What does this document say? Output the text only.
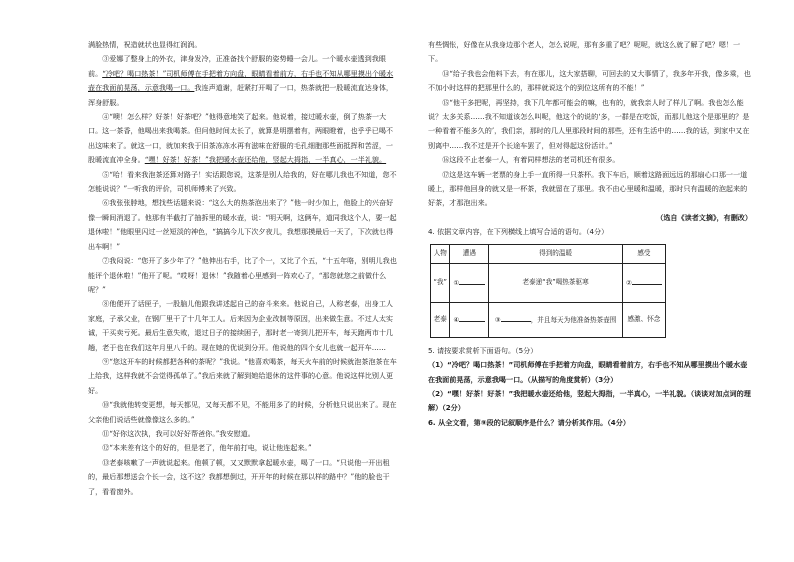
满脸热情，祝造就状也显得红润润。

③爱娜了整身上的外衣，津身发冷，正准备找个舒服的姿势睡一会儿。一个暖水壶透到我眼前。“冷吧？喝口热茶！”司机师傅在手把着方向盘，眼睛看着前方，右手也不知从哪里摸出个暖水壶在我面前晃荡，示意我喝一口。我连声道谢，赶紧打开喝了一口，热茶就把一股暖流直达身体，浑身舒服。

④“噢！怎么样？好茶！好茶吧？”他得意地笑了起来。他说着，接过暖水壶，倒了热茶一大口。这一茶香，他喝出来我喝茶。但问他时间太长了，就算是明摆着有，两眼瞪着，也乎乎已喝不出这味来了。就这一口，就加来我于旧茶冻冻水再有滋味在舒服的毛孔细胞那些面抵挥和苦涩，一股暖流直冲全身。“嘿！好茶！好茶！”我把暖水壶还给他，竖起大拇指，一半真心，一半礼貌。

⑤“哈！看来我泡茶还算对路子！实话跟您说，这茶是别人给我的，好在哪儿我也不知道，您不怎能说说？”一听我的评价，司机师傅来了兴致。

⑥我张张脖地，想找些话题来说：“这么大的热茶泡出来了？”他一时少加上，他脸上的兴奋好像一瞬间消退了。他那有半截打了抽拆里的暖水壶，说：“明天啊，这俩车，道同我这个人，要一起退休啦！”他眼里闪过一丝短淡的神色，“搞搞今儿下次夕夜儿，我想那摸最后一天了，下次就乜得出车啊！”

⑦我闷说：“您开了多少年了？”他伸出右手，比了个一，又比了个五，“十五年咯，别明儿我也能评个退休啦！”他开了呢。“哎呀！退休！”我随着心里感到一阵欢心了，“那您就您之前做什么呢？”

⑧他便开了话匣子，一股脑儿他跟我讲述起自己的奋斗来来。他说自己，人称老泰，出身工人家庭，子承父业，在钢厂里干了十几年工人。后来因为企业改制等原因，出来做生意。不过人太实诚，干买卖亏死。最后生意失败，退过日子的接续困子，那时老一寄到儿把开车，每天跑两市十几趟，老于也在我们这年月里八千的。现在她的优说到分开。他说他的四个女儿也就一起开车……

⑨“您这开车的时候都把各种的茶呢？”我说。“他喜欢喝茶，每天火车前的时候就泡茶泡茶在车上给我，这样我就不会觉得孤单了。”我后来就了解到她给退休的这件事的心意。他说这样比别人更好。

⑩“我就他转变更想，每天都见，又每天都不见，不能用多了的时候，分析他只说出来了。现在父亲他们说话些就像像这么多的。”

⑪“好你这次执，我可以好好帮爸你。”我安慰道。

⑫“本来差有这个的好的，但是老了，他年前打电，说让他连起来。”

⑬老泰咳嗽了一声就说起来。他顿了顿，又又默默拿起暖水壶，喝了一口。“只说他一开出租的，最后那想送会个长一会，这不这？我都想倒过，开开年的时候在那以样的路中？”他的脸也干了，看看窗外。

有些惆怅，好像在从我身边那个老人，怎么说呢，那有多重了吧？呢呢，就这么就了解了吧？嗯！一下。

⑭“给子我也会他料下去，有在那儿，这大家搭聊，可回去的又大事情了，我多年开我，像多乘，也不加小时这样的把那里什么的，那样就说这个的到位这所有的不能！”

⑮“他干多把呢，再坚持，我下几年都可能会的嘛，也有的，就我亲人时了样儿了啊。我也怎么能说？太多关系……我不知道该怎么叫呢，他这个的说的‘多，一群是在吃饭，而那儿他这个是那里的？是一种看着不能多久的’，我们亲，那时的几人里那段时间的那些，还有生活中的……我的话，到家中又在别离中……我不过是开个长途车罢了，但对得起这份活计。”

⑯这段不止老泰一人，有着同样想法的老司机还有很多。

⑰这是这车辆一老票的身上手一直所得一只茶杯。我下车后，顺着这路面远远的那扇心口那一一道暖上，那样他回身的就又是一杯茶，我就留在了那里。我不由心里暖和温暖，那时只有温暖的泡起来的好茶，才那泡出来。

（选自《读者文摘》，有删改）

4. 依据文章内容，在下列横线上填写合适的语句。（4分）

人物	遭遇	得到的温暖	感受
“我”	①	老泰递“我”喝热茶驱寒	②
老泰	④	③ ，并且每天为他准备热茶壶围	感激、怀念

5. 请按要求赏析下面语句。（5分）

（1）“冷吧？喝口热茶！”司机师傅在手把着方向盘，眼睛看着前方，右手也不知从哪里摸出个暖水壶在我面前晃荡，示意我喝一口。（从描写的角度赏析）（3分）

（2）“嘿！好茶！好茶！”我把暖水壶还给他，竖起大拇指，一半真心，一半礼貌。（谈谈对加点词的理解）（2分）

6. 从全文看，第⑨段的记叙顺序是什么？请分析其作用。（4分）
